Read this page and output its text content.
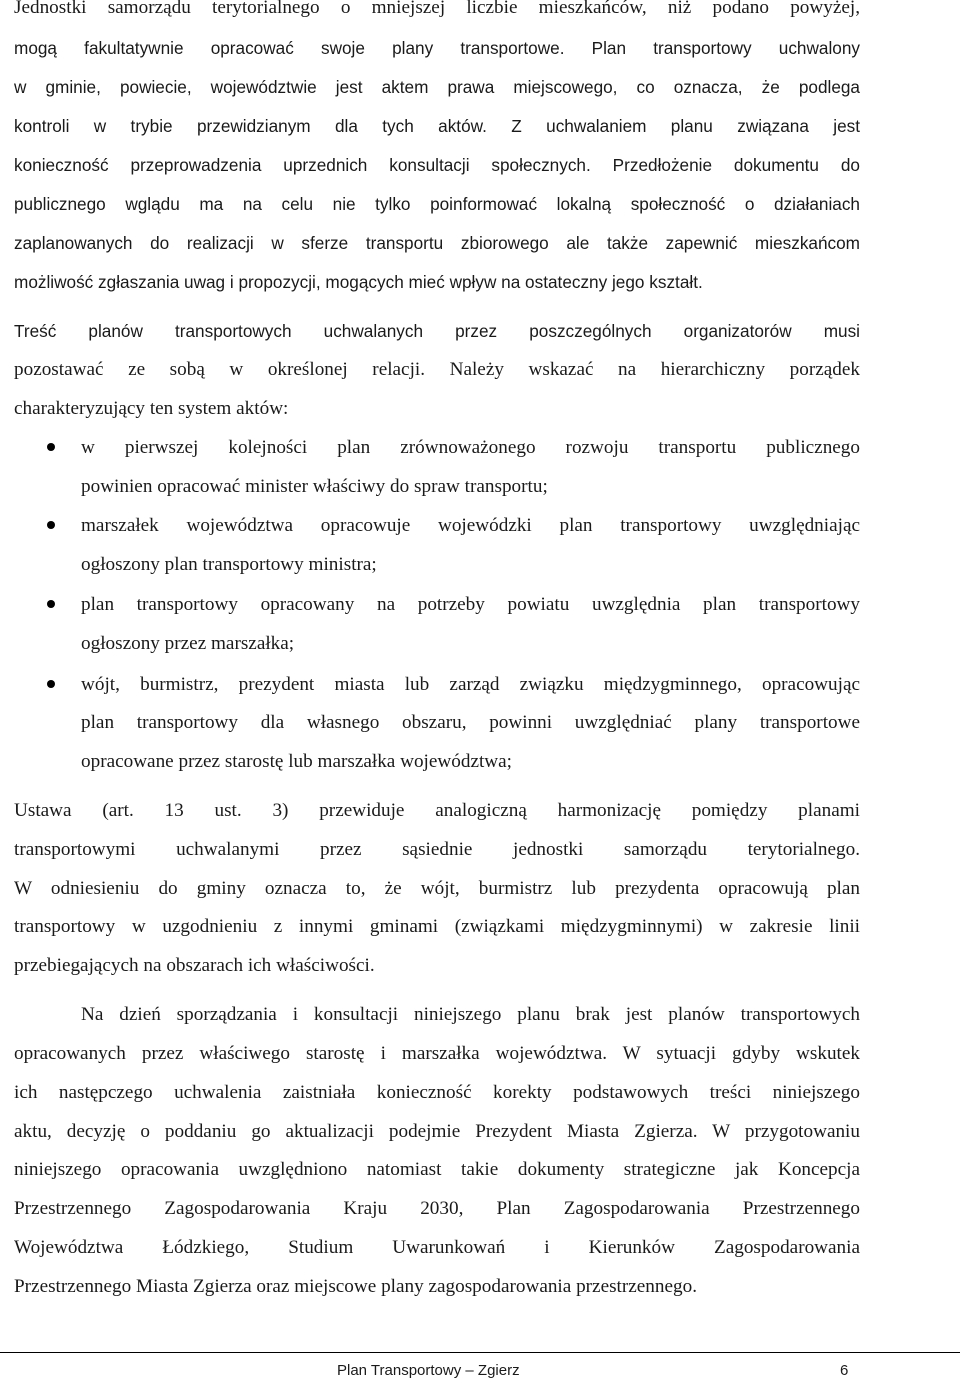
Jednostki samorządu terytorialnego o mniejszej liczbie mieszkańców, niż podano powyżej,
mogą fakultatywnie opracować swoje plany transportowe. Plan transportowy uchwalony
w gminie, powiecie, województwie jest aktem prawa miejscowego, co oznacza, że podlega
kontroli w trybie przewidzianym dla tych aktów. Z uchwalaniem planu związana jest
konieczność przeprowadzenia uprzednich konsultacji społecznych. Przedłożenie dokumentu do
publicznego wglądu ma na celu nie tylko poinformować lokalną społeczność o działaniach
zaplanowanych do realizacji w sferze transportu zbiorowego ale także zapewnić mieszkańcom
możliwość zgłaszania uwag i propozycji, mogących mieć wpływ na ostateczny jego kształt.
Treść planów transportowych uchwalanych przez poszczególnych organizatorów musi
pozostawać ze sobą w określonej relacji. Należy wskazać na hierarchiczny porządek
charakteryzujący ten system aktów:
w pierwszej kolejności plan zrównoważonego rozwoju transportu publicznego
powinien opracować minister właściwy do spraw transportu;
marszałek województwa opracowuje wojewódzki plan transportowy uwzględniając
ogłoszony plan transportowy ministra;
plan transportowy opracowany na potrzeby powiatu uwzględnia plan transportowy
ogłoszony przez marszałka;
wójt, burmistrz, prezydent miasta lub zarząd związku międzygminnego, opracowując
plan transportowy dla własnego obszaru, powinni uwzględniać plany transportowe
opracowane przez starostę lub marszałka województwa;
Ustawa (art. 13 ust. 3) przewiduje analogiczną harmonizację pomiędzy planami
transportowymi uchwalanymi przez sąsiednie jednostki samorządu terytorialnego.
W odniesieniu do gminy oznacza to, że wójt, burmistrz lub prezydenta opracowują plan
transportowy w uzgodnieniu z innymi gminami (związkami międzygminnymi) w zakresie linii
przebiegających na obszarach ich właściwości.
Na dzień sporządzania i konsultacji niniejszego planu brak jest planów transportowych
opracowanych przez właściwego starostę i marszałka województwa. W sytuacji gdyby wskutek
ich następczego uchwalenia zaistniała konieczność korekty podstawowych treści niniejszego
aktu, decyzję o poddaniu go aktualizacji podejmie Prezydent Miasta Zgierza. W przygotowaniu
niniejszego opracowania uwzględniono natomiast takie dokumenty strategiczne jak Koncepcja
Przestrzennego Zagospodarowania Kraju 2030, Plan Zagospodarowania Przestrzennego
Województwa Łódzkiego, Studium Uwarunkowań i Kierunków Zagospodarowania
Przestrzennego Miasta Zgierza oraz miejscowe plany zagospodarowania przestrzennego.
Plan Transportowy – Zgierz	6
